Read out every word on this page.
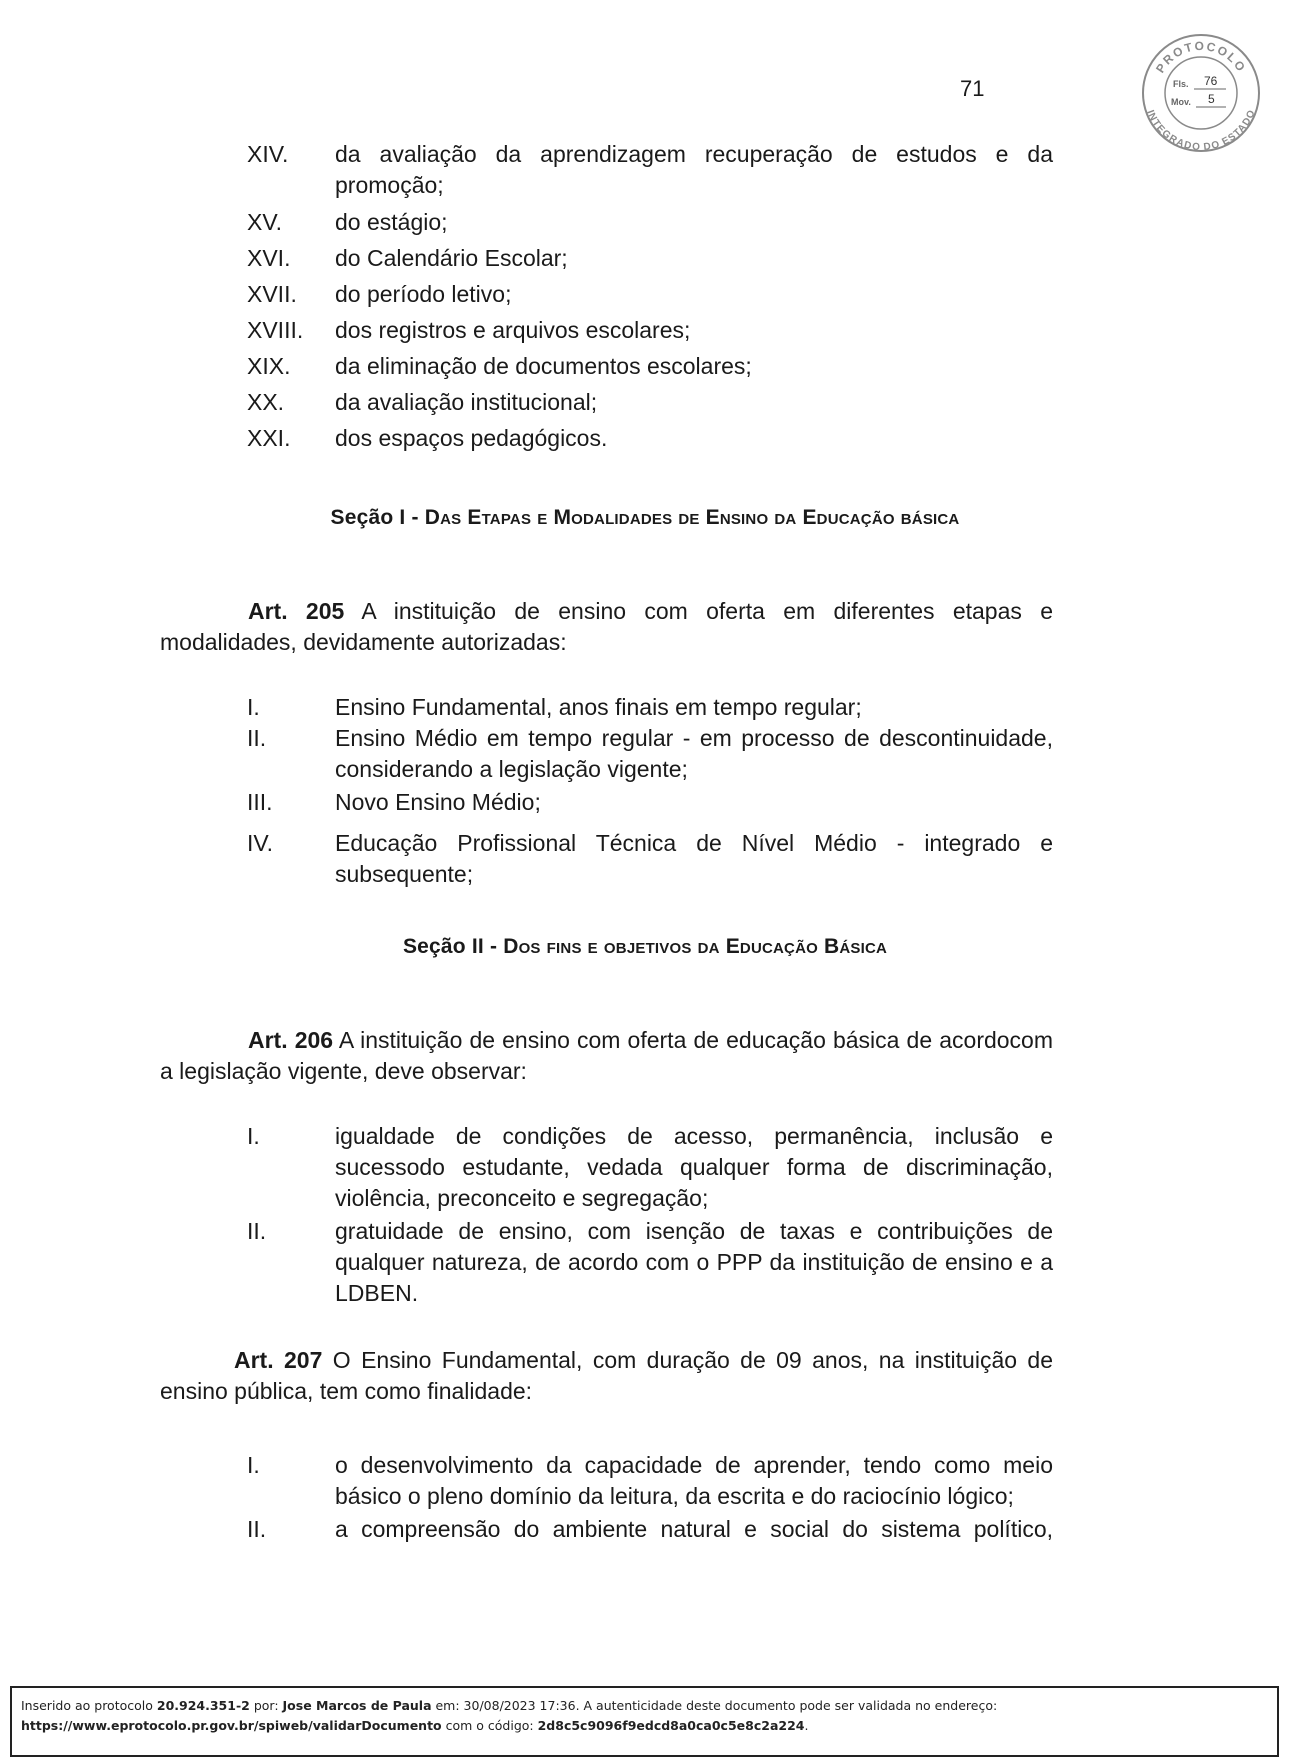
71
PROTOCOLO
INTEGRADO DO ESTADO
Fls. 76
Mov. 5
XIV. da avaliação da aprendizagem recuperação de estudos e da promoção;
XV. do estágio;
XVI. do Calendário Escolar;
XVII. do período letivo;
XVIII. dos registros e arquivos escolares;
XIX. da eliminação de documentos escolares;
XX. da avaliação institucional;
XXI. dos espaços pedagógicos.
Seção I - Das Etapas e Modalidades de Ensino da Educação básica
Art. 205 A instituição de ensino com oferta em diferentes etapas e modalidades, devidamente autorizadas:
I.	Ensino Fundamental, anos finais em tempo regular;
II.	Ensino Médio em tempo regular - em processo de descontinuidade, considerando a legislação vigente;
III.	Novo Ensino Médio;
IV.	Educação Profissional Técnica de Nível Médio - integrado e subsequente;
Seção II - Dos fins e objetivos da Educação Básica
Art. 206 A instituição de ensino com oferta de educação básica de acordocom a legislação vigente, deve observar:
I.	igualdade de condições de acesso, permanência, inclusão e sucessodo estudante, vedada qualquer forma de discriminação, violência, preconceito e segregação;
II.	gratuidade de ensino, com isenção de taxas e contribuições de qualquer natureza, de acordo com o PPP da instituição de ensino e a LDBEN.
Art. 207 O Ensino Fundamental, com duração de 09 anos, na instituição de ensino pública, tem como finalidade:
I.	o desenvolvimento da capacidade de aprender, tendo como meio básico o pleno domínio da leitura, da escrita e do raciocínio lógico;
II.	a compreensão do ambiente natural e social do sistema político,
Inserido ao protocolo 20.924.351-2 por: Jose Marcos de Paula em: 30/08/2023 17:36. A autenticidade deste documento pode ser validada no endereço:
https://www.eprotocolo.pr.gov.br/spiweb/validarDocumento com o código: 2d8c5c9096f9edcd8a0ca0c5e8c2a224.
